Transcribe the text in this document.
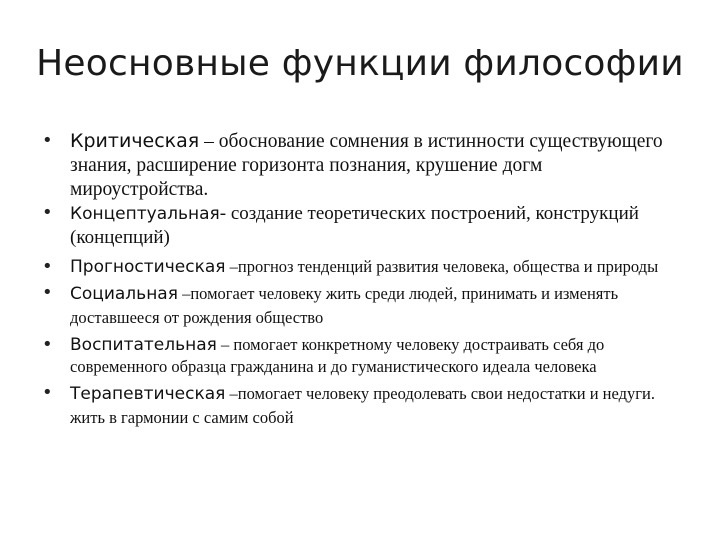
Неосновные функции философии
• Критическая – обоснование сомнения в истинности существующего знания, расширение горизонта познания, крушение догм мироустройства.
• Концептуальная- создание теоретических построений, конструкций (концепций)
• Прогностическая –прогноз тенденций развития человека, общества и природы
• Социальная –помогает человеку жить среди людей, принимать и изменять доставшееся от рождения общество
• Воспитательная – помогает конкретному человеку достраивать себя до современного образца гражданина и до гуманистического идеала человека
• Терапевтическая –помогает человеку преодолевать свои недостатки и недуги. жить в гармонии с самим собой
